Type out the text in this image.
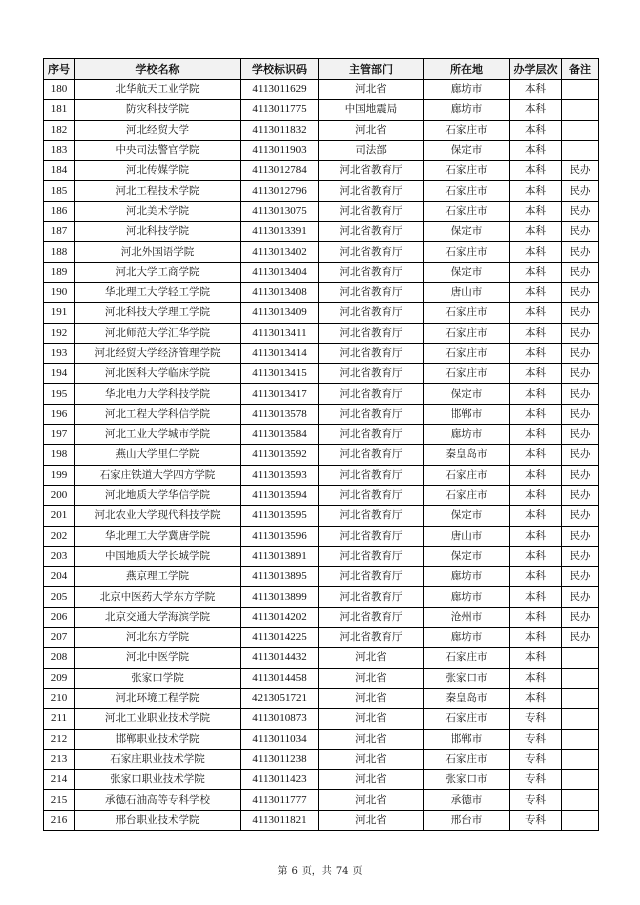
序号	学校名称	学校标识码	主管部门	所在地	办学层次	备注
180	北华航天工业学院	4113011629	河北省	廊坊市	本科	
181	防灾科技学院	4113011775	中国地震局	廊坊市	本科	
182	河北经贸大学	4113011832	河北省	石家庄市	本科	
183	中央司法警官学院	4113011903	司法部	保定市	本科	
184	河北传媒学院	4113012784	河北省教育厅	石家庄市	本科	民办
185	河北工程技术学院	4113012796	河北省教育厅	石家庄市	本科	民办
186	河北美术学院	4113013075	河北省教育厅	石家庄市	本科	民办
187	河北科技学院	4113013391	河北省教育厅	保定市	本科	民办
188	河北外国语学院	4113013402	河北省教育厅	石家庄市	本科	民办
189	河北大学工商学院	4113013404	河北省教育厅	保定市	本科	民办
190	华北理工大学轻工学院	4113013408	河北省教育厅	唐山市	本科	民办
191	河北科技大学理工学院	4113013409	河北省教育厅	石家庄市	本科	民办
192	河北师范大学汇华学院	4113013411	河北省教育厅	石家庄市	本科	民办
193	河北经贸大学经济管理学院	4113013414	河北省教育厅	石家庄市	本科	民办
194	河北医科大学临床学院	4113013415	河北省教育厅	石家庄市	本科	民办
195	华北电力大学科技学院	4113013417	河北省教育厅	保定市	本科	民办
196	河北工程大学科信学院	4113013578	河北省教育厅	邯郸市	本科	民办
197	河北工业大学城市学院	4113013584	河北省教育厅	廊坊市	本科	民办
198	燕山大学里仁学院	4113013592	河北省教育厅	秦皇岛市	本科	民办
199	石家庄铁道大学四方学院	4113013593	河北省教育厅	石家庄市	本科	民办
200	河北地质大学华信学院	4113013594	河北省教育厅	石家庄市	本科	民办
201	河北农业大学现代科技学院	4113013595	河北省教育厅	保定市	本科	民办
202	华北理工大学冀唐学院	4113013596	河北省教育厅	唐山市	本科	民办
203	中国地质大学长城学院	4113013891	河北省教育厅	保定市	本科	民办
204	燕京理工学院	4113013895	河北省教育厅	廊坊市	本科	民办
205	北京中医药大学东方学院	4113013899	河北省教育厅	廊坊市	本科	民办
206	北京交通大学海滨学院	4113014202	河北省教育厅	沧州市	本科	民办
207	河北东方学院	4113014225	河北省教育厅	廊坊市	本科	民办
208	河北中医学院	4113014432	河北省	石家庄市	本科	
209	张家口学院	4113014458	河北省	张家口市	本科	
210	河北环境工程学院	4213051721	河北省	秦皇岛市	本科	
211	河北工业职业技术学院	4113010873	河北省	石家庄市	专科	
212	邯郸职业技术学院	4113011034	河北省	邯郸市	专科	
213	石家庄职业技术学院	4113011238	河北省	石家庄市	专科	
214	张家口职业技术学院	4113011423	河北省	张家口市	专科	
215	承德石油高等专科学校	4113011777	河北省	承德市	专科	
216	邢台职业技术学院	4113011821	河北省	邢台市	专科	
第 6 页，共 74 页
